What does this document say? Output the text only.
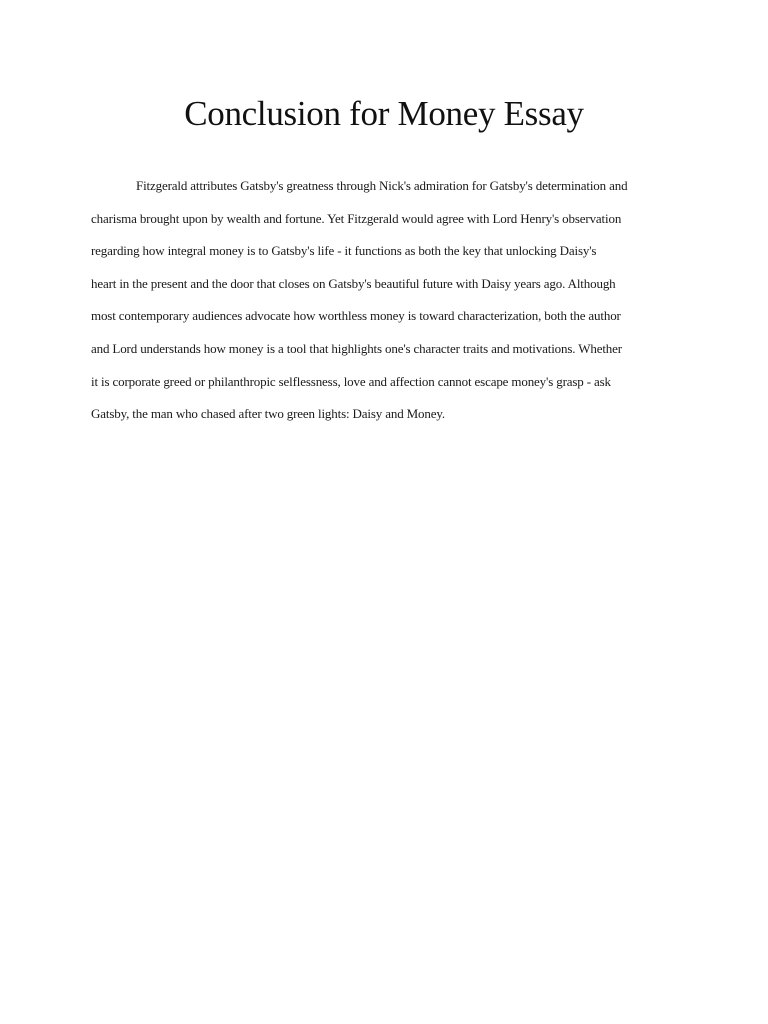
Conclusion for Money Essay
Fitzgerald attributes Gatsby's greatness through Nick's admiration for Gatsby's determination and
charisma brought upon by wealth and fortune. Yet Fitzgerald would agree with Lord Henry's observation
regarding how integral money is to Gatsby's life - it functions as both the key that unlocking Daisy's
heart in the present and the door that closes on Gatsby's beautiful future with Daisy years ago. Although
most contemporary audiences advocate how worthless money is toward characterization, both the author
and Lord understands how money is a tool that highlights one's character traits and motivations. Whether
it is corporate greed or philanthropic selflessness, love and affection cannot escape money's grasp - ask
Gatsby, the man who chased after two green lights: Daisy and Money.
